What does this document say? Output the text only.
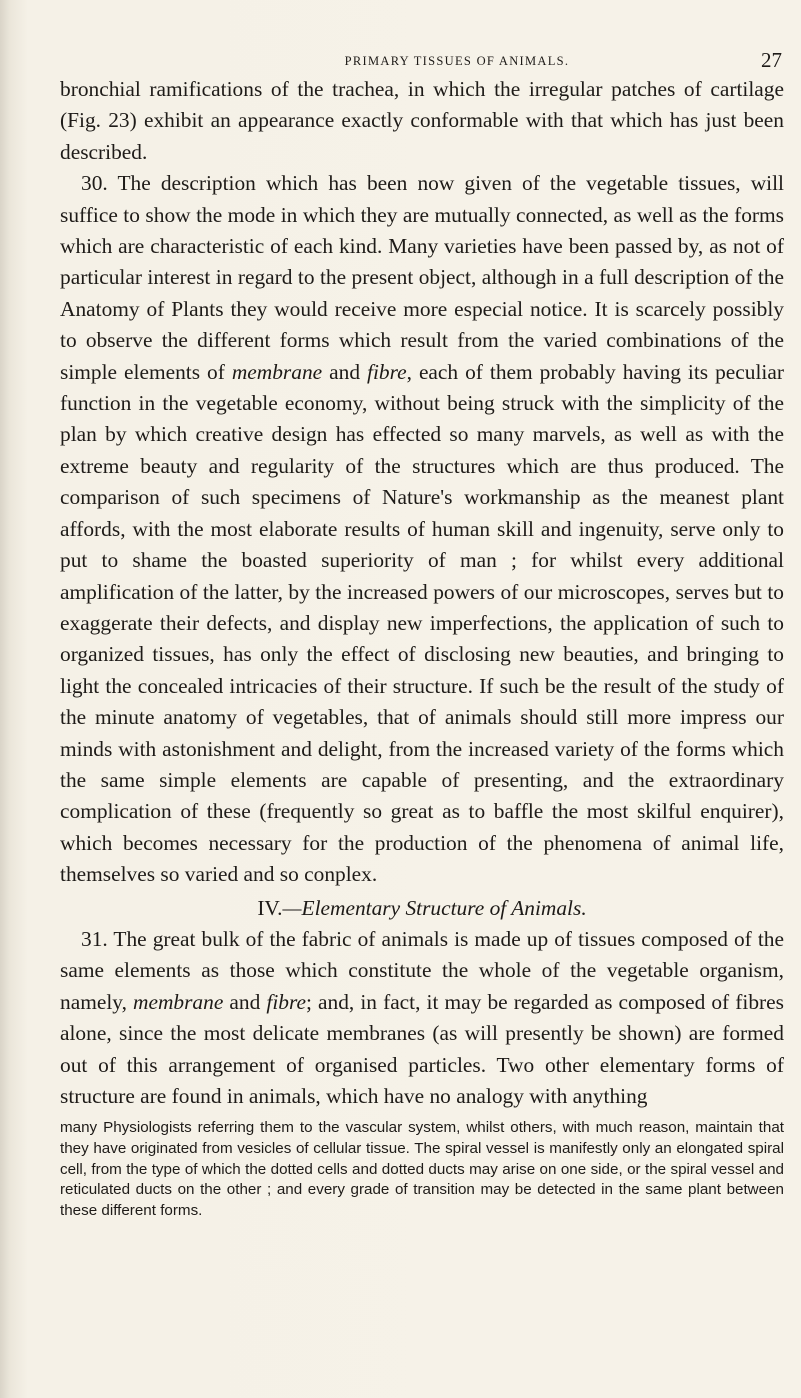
PRIMARY TISSUES OF ANIMALS.	27

bronchial ramifications of the trachea, in which the irregular patches of cartilage (Fig. 23) exhibit an appearance exactly conformable with that which has just been described.

30. The description which has been now given of the vegetable tissues, will suffice to show the mode in which they are mutually connected, as well as the forms which are characteristic of each kind. Many varieties have been passed by, as not of particular interest in regard to the present object, although in a full description of the Anatomy of Plants they would receive more especial notice. It is scarcely possibly to observe the different forms which result from the varied combinations of the simple elements of membrane and fibre, each of them probably having its peculiar function in the vegetable economy, without being struck with the simplicity of the plan by which creative design has effected so many marvels, as well as with the extreme beauty and regularity of the structures which are thus produced. The comparison of such specimens of Nature's workmanship as the meanest plant affords, with the most elaborate results of human skill and ingenuity, serve only to put to shame the boasted superiority of man ; for whilst every additional amplification of the latter, by the increased powers of our microscopes, serves but to exaggerate their defects, and display new imperfections, the application of such to organized tissues, has only the effect of disclosing new beauties, and bringing to light the concealed intricacies of their structure. If such be the result of the study of the minute anatomy of vegetables, that of animals should still more impress our minds with astonishment and delight, from the increased variety of the forms which the same simple elements are capable of presenting, and the extraordinary complication of these (frequently so great as to baffle the most skilful enquirer), which becomes necessary for the production of the phenomena of animal life, themselves so varied and so conplex.

IV.—Elementary Structure of Animals.

31. The great bulk of the fabric of animals is made up of tissues composed of the same elements as those which constitute the whole of the vegetable organism, namely, membrane and fibre; and, in fact, it may be regarded as composed of fibres alone, since the most delicate membranes (as will presently be shown) are formed out of this arrangement of organised particles. Two other elementary forms of structure are found in animals, which have no analogy with anything

many Physiologists referring them to the vascular system, whilst others, with much reason, maintain that they have originated from vesicles of cellular tissue. The spiral vessel is manifestly only an elongated spiral cell, from the type of which the dotted cells and dotted ducts may arise on one side, or the spiral vessel and reticulated ducts on the other ; and every grade of transition may be detected in the same plant between these different forms.
